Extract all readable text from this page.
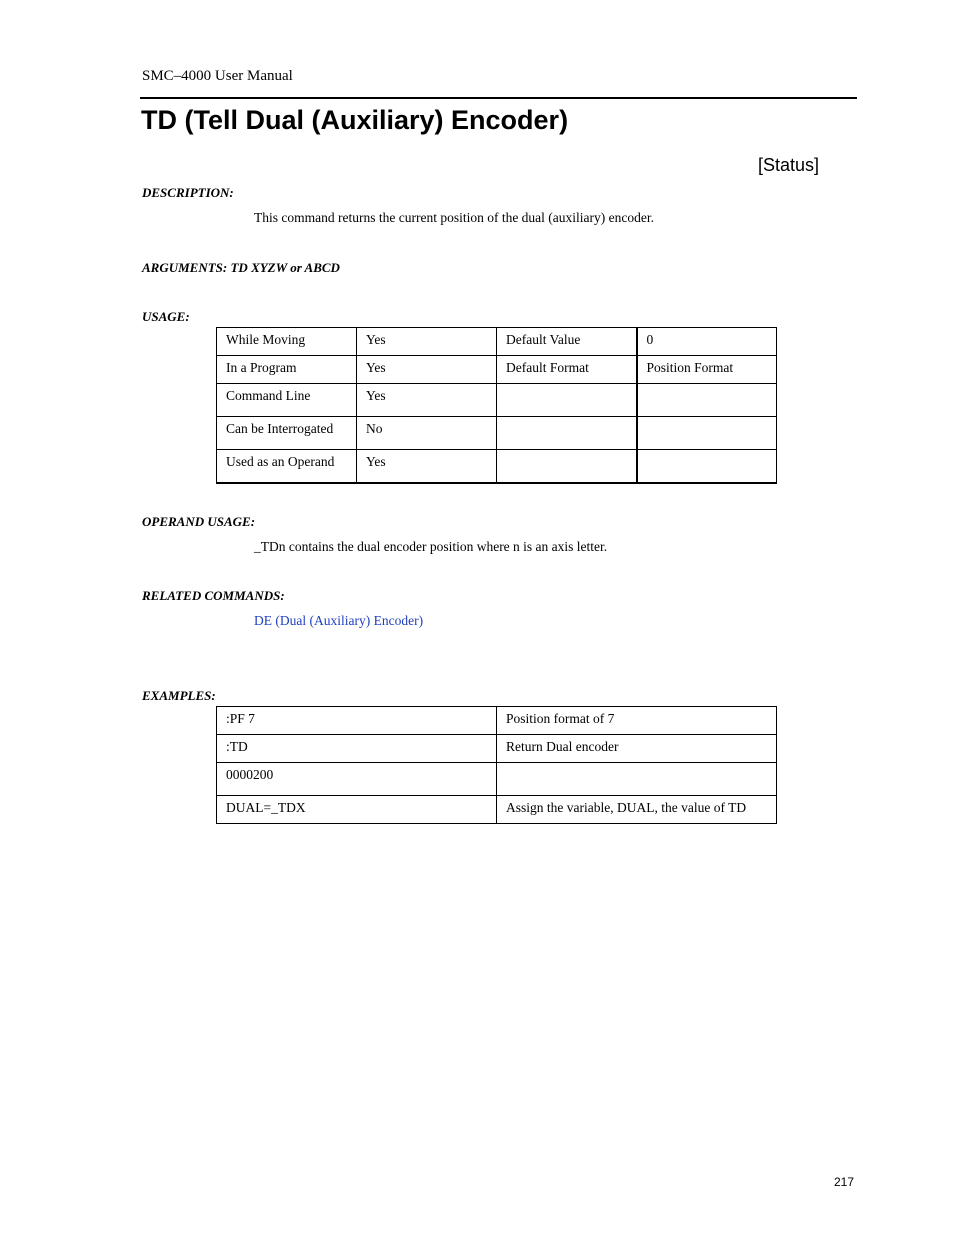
SMC–4000 User Manual
TD (Tell Dual (Auxiliary) Encoder)
[Status]
DESCRIPTION:
This command returns the current position of the dual (auxiliary) encoder.
ARGUMENTS: TD XYZW or ABCD
USAGE:
While Moving	Yes	Default Value	0
In a Program	Yes	Default Format	Position Format
Command Line	Yes		
Can be Interrogated	No		
Used as an Operand	Yes		
OPERAND USAGE:
_TDn contains the dual encoder position where n is an axis letter.
RELATED COMMANDS:
DE (Dual (Auxiliary) Encoder)
EXAMPLES:
:PF 7	Position format of 7
:TD	Return Dual encoder
0000200	
DUAL=_TDX	Assign the variable, DUAL, the value of TD
217
